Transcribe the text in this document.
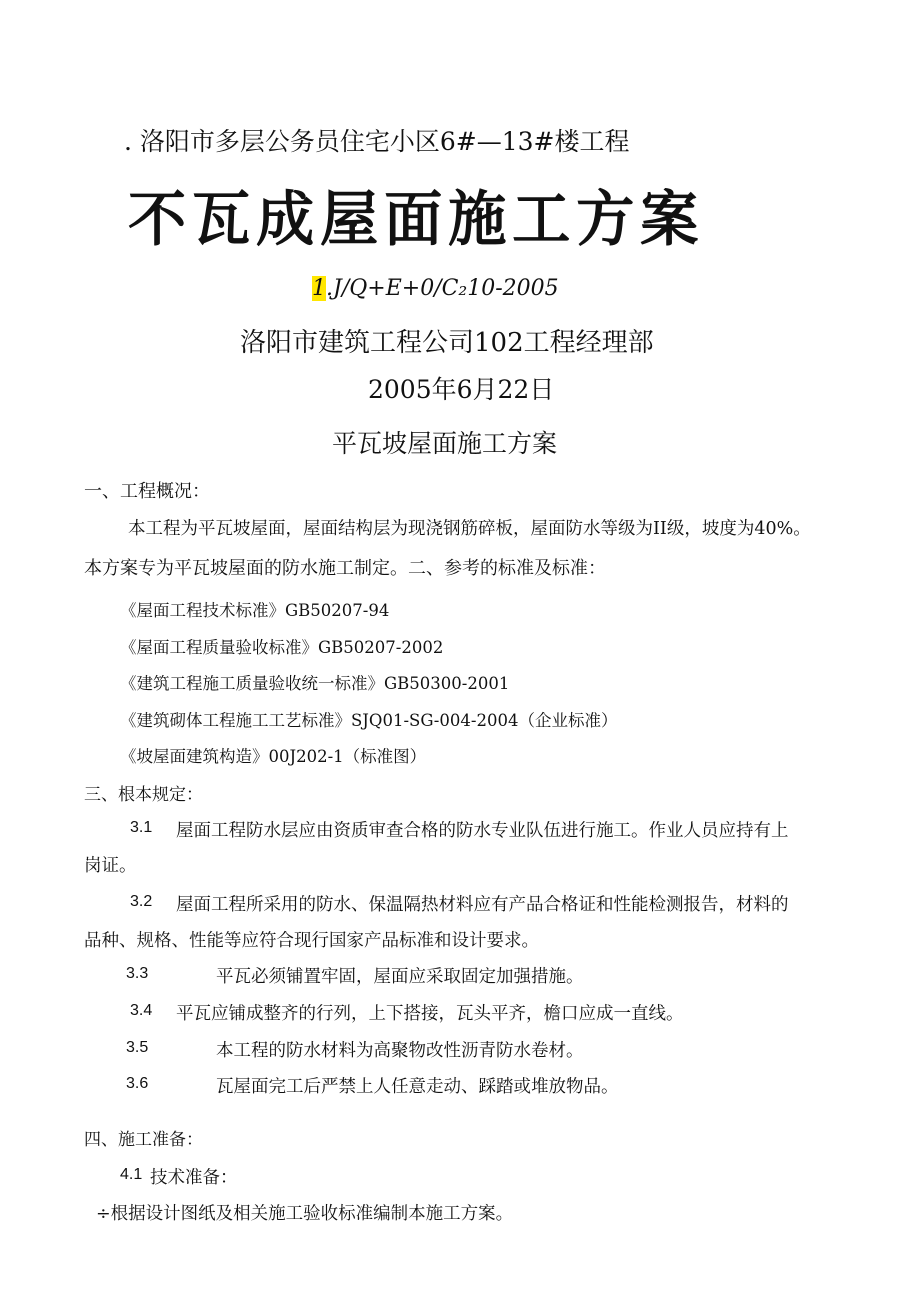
. 洛阳市多层公务员住宅小区6#—13#楼工程
不瓦成屋面施工方案
1.J/Q+E+0/C₂10-2005
洛阳市建筑工程公司102工程经理部
2005年6月22日
平瓦坡屋面施工方案
一、工程概况：
本工程为平瓦坡屋面，屋面结构层为现浇钢筋碎板，屋面防水等级为II级，坡度为40%。
本方案专为平瓦坡屋面的防水施工制定。二、参考的标准及标准：
《屋面工程技术标准》GB50207-94
《屋面工程质量验收标准》GB50207-2002
《建筑工程施工质量验收统一标准》GB50300-2001
《建筑砌体工程施工工艺标准》SJQ01-SG-004-2004（企业标准）
《坡屋面建筑构造》00J202-1（标准图）
三、根本规定：
3.1 屋面工程防水层应由资质审查合格的防水专业队伍进行施工。作业人员应持有上
岗证。
3.2 屋面工程所采用的防水、保温隔热材料应有产品合格证和性能检测报告，材料的
品种、规格、性能等应符合现行国家产品标准和设计要求。
3.3	平瓦必须铺置牢固，屋面应采取固定加强措施。
3.4 平瓦应铺成整齐的行列，上下搭接，瓦头平齐，檐口应成一直线。
3.5	本工程的防水材料为高聚物改性沥青防水卷材。
3.6	瓦屋面完工后严禁上人任意走动、踩踏或堆放物品。
四、施工准备：
4.1 技术准备：
÷根据设计图纸及相关施工验收标准编制本施工方案。
